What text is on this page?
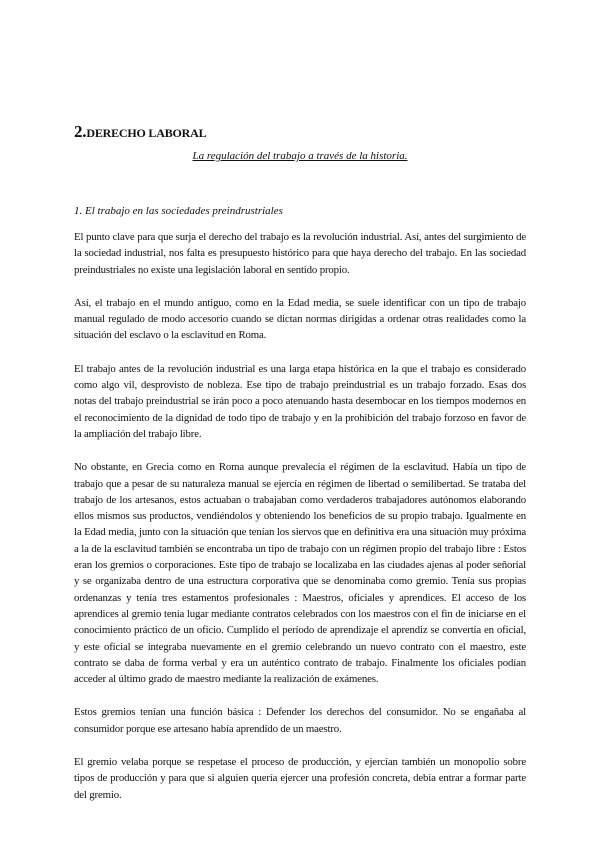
2.DERECHO LABORAL

La regulación del trabajo a través de la historia.

1. El trabajo en las sociedades preindrustriales

El punto clave para que surja el derecho del trabajo es la revolución industrial. Así, antes del surgimiento de la sociedad industrial, nos falta es presupuesto histórico para que haya derecho del trabajo. En las sociedad preindustriales no existe una legislación laboral en sentido propio.

Así, el trabajo en el mundo antiguo, como en la Edad media, se suele identificar con un tipo de trabajo manual regulado de modo accesorio cuando se dictan normas dirigidas a ordenar otras realidades como la situación del esclavo o la esclavitud en Roma.

El trabajo antes de la revolución industrial es una larga etapa histórica en la que el trabajo es considerado como algo vil, desprovisto de nobleza. Ese tipo de trabajo preindustrial es un trabajo forzado. Esas dos notas del trabajo preindustrial se irán poco a poco atenuando hasta desembocar en los tiempos modernos en el reconocimiento de la dignidad de todo tipo de trabajo y en la prohibición del trabajo forzoso en favor de la ampliación del trabajo libre.

No obstante, en Grecia como en Roma aunque prevalecía el régimen de la esclavitud. Había un tipo de trabajo que a pesar de su naturaleza manual se ejercía en régimen de libertad o semilibertad. Se trataba del trabajo de los artesanos, estos actuaban o trabajaban como verdaderos trabajadores autónomos elaborando ellos mismos sus productos, vendiéndolos y obteniendo los beneficios de su propio trabajo. Igualmente en la Edad media, junto con la situación que tenían los siervos que en definitiva era una situación muy próxima a la de la esclavitud también se encontraba un tipo de trabajo con un régimen propio del trabajo libre : Estos eran los gremios o corporaciones. Este tipo de trabajo se localizaba en las ciudades ajenas al poder señorial y se organizaba dentro de una estructura corporativa que se denominaba como gremio. Tenía sus propias ordenanzas y tenía tres estamentos profesionales : Maestros, oficiales y aprendices. El acceso de los aprendices al gremio tenía lugar mediante contratos celebrados con los maestros con el fin de iniciarse en el conocimiento práctico de un oficio. Cumplido el período de aprendizaje el aprendiz se convertía en oficial, y este oficial se integraba nuevamente en el gremio celebrando un nuevo contrato con el maestro, este contrato se daba de forma verbal y era un auténtico contrato de trabajo. Finalmente los oficiales podían acceder al último grado de maestro mediante la realización de exámenes.

Estos gremios tenían una función básica : Defender los derechos del consumidor. No se engañaba al consumidor porque ese artesano había aprendido de un maestro.

El gremio velaba porque se respetase el proceso de producción, y ejercían también un monopolio sobre tipos de producción y para que si alguien quería ejercer una profesión concreta, debía entrar a formar parte del gremio.
